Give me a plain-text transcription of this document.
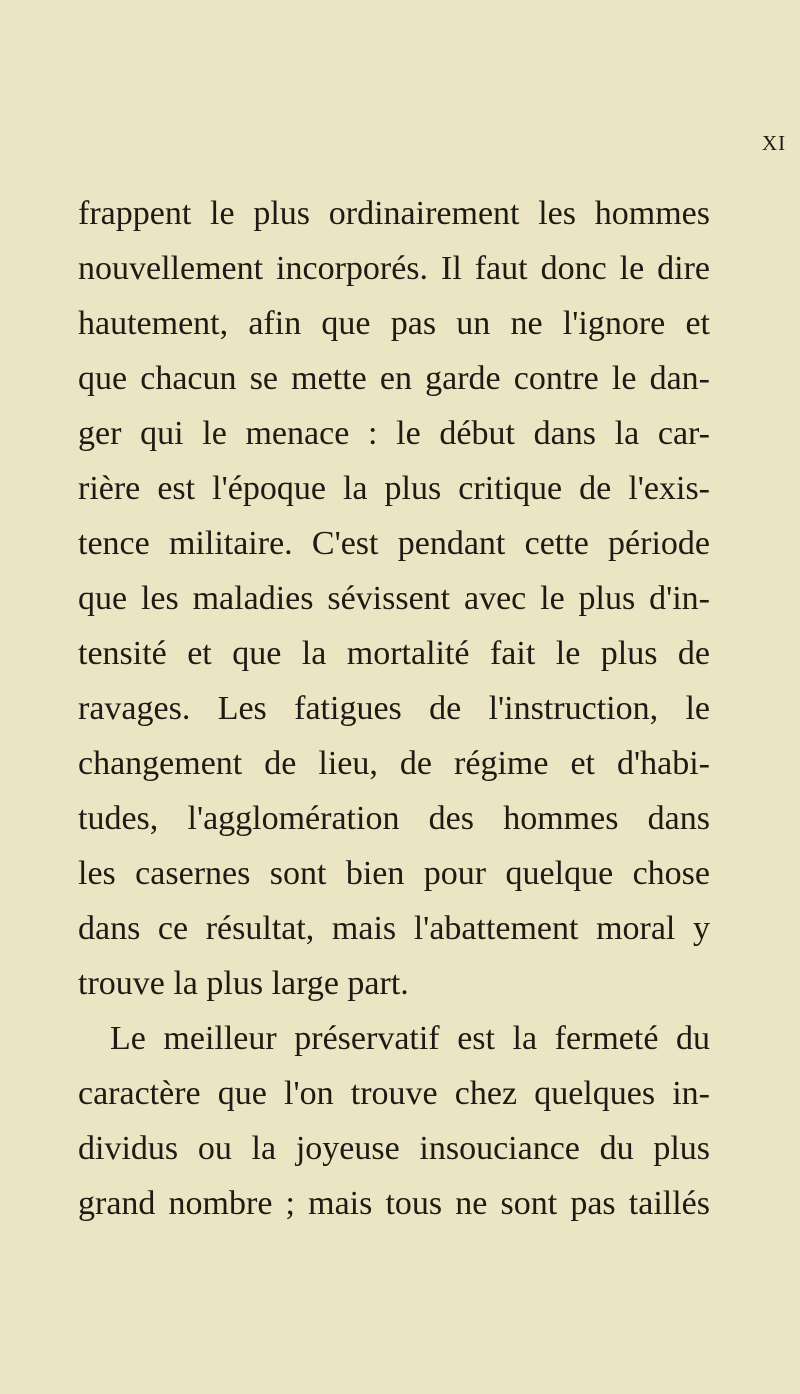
XI
frappent le plus ordinairement les hommes
nouvellement incorporés. Il faut donc le dire
hautement, afin que pas un ne l'ignore et
que chacun se mette en garde contre le dan-
ger qui le menace : le début dans la car-
rière est l'époque la plus critique de l'exis-
tence militaire. C'est pendant cette période
que les maladies sévissent avec le plus d'in-
tensité et que la mortalité fait le plus de
ravages. Les fatigues de l'instruction, le
changement de lieu, de régime et d'habi-
tudes, l'agglomération des hommes dans
les casernes sont bien pour quelque chose
dans ce résultat, mais l'abattement moral y
trouve la plus large part.
Le meilleur préservatif est la fermeté du
caractère que l'on trouve chez quelques in-
dividus ou la joyeuse insouciance du plus
grand nombre ; mais tous ne sont pas taillés
